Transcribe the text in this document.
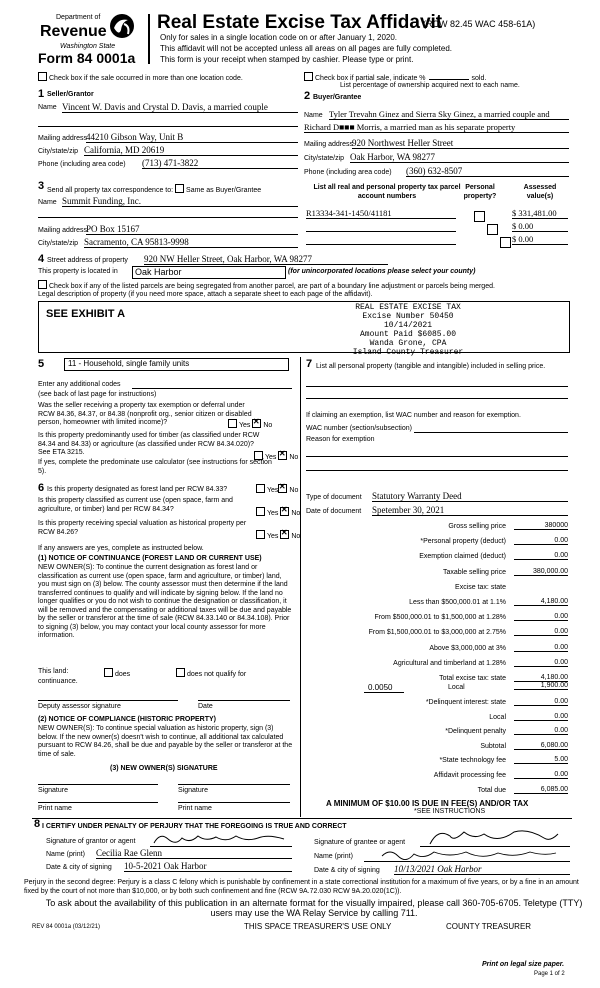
Department of
Revenue
Washington State
Form 84 0001a
Real Estate Excise Tax Affidavit
(RCW 82.45 WAC 458-61A)
Only for sales in a single location code on or after January 1, 2020.
This affidavit will not be accepted unless all areas on all pages are fully completed.
This form is your receipt when stamped by cashier. Please type or print.
Check box if the sale occurred in more than one location code.	Check box if partial sale, indicate %	sold.
List percentage of ownership acquired next to each name.
1 Seller/Grantor
Name Vincent W. Davis and Crystal D. Davis, a married couple
Mailing address
44210 Gibson Way, Unit B
City/state/zip California, MD 20619
Phone (including area code) (713) 471-3822
2 Buyer/Grantee
Name Tyler Trevahn Ginez and Sierra Sky Ginez, a married couple and
Richard D■■■ Morris, a married man as his separate property
Mailing address
920 Northwest Heller Street
City/state/zip Oak Harbor, WA 98277
Phone (including area code) (360) 632-8507
3 Send all property tax correspondence to: Same as Buyer/Grantee
Name Summit Funding, Inc.
Mailing address
PO Box 15167
City/state/zip Sacramento, CA 95813-9998
List all real and personal property tax parcel account numbers
Personal property?
Assessed value(s)
R13334-341-1450/41181	$ 331,481.00
$ 0.00
$ 0.00
4 Street address of property 920 NW Heller Street, Oak Harbor, WA 98277
This property is located in	Oak Harbor	(for unincorporated locations please select your county)
Check box if any of the listed parcels are being segregated from another parcel, are part of a boundary line adjustment or parcels being merged.
Legal description of property (if you need more space, attach a separate sheet to each page of the affidavit).
SEE EXHIBIT A
REAL ESTATE EXCISE TAX
Excise Number 50450
10/14/2021
Amount Paid $6085.00
Wanda Grone, CPA
Island County Treasurer
5	11 - Household, single family units
Enter any additional codes
(see back of last page for instructions)
Was the seller receiving a property tax exemption or deferral under RCW 84.36, 84.37, or 84.38 (nonprofit org., senior citizen or disabled person, homeowner with limited income)?	Yes ✕ No
Is this property predominantly used for timber (as classified under RCW 84.34 and 84.33) or agriculture (as classified under RCW 84.34.020)? See ETA 3215.
Yes ✕ No
If yes, complete the predominate use calculator (see instructions for section 5).
6 Is this property designated as forest land per RCW 84.33?	Yes ✕ No
Is this property classified as current use (open space, farm and agriculture, or timber) land per RCW 84.34?
Yes ✕ No
Is this property receiving special valuation as historical property per RCW 84.26?
Yes ✕ No
If any answers are yes, complete as instructed below.
(1) NOTICE OF CONTINUANCE (FOREST LAND OR CURRENT USE)
NEW OWNER(S): To continue the current designation as forest land or classification as current use (open space, farm and agriculture, or timber) land, you must sign on (3) below. The county assessor must then determine if the land transferred continues to qualify and will indicate by signing below. If the land no longer qualifies or you do not wish to continue the designation or classification, it will be removed and the compensating or additional taxes will be due and payable by the seller or transferor at the time of sale (RCW 84.33.140 or 84.34.108). Prior to signing (3) below, you may contact your local county assessor for more information.
This land:	does	does not qualify for
continuance.
Deputy assessor signature	Date
(2) NOTICE OF COMPLIANCE (HISTORIC PROPERTY)
NEW OWNER(S): To continue special valuation as historic property, sign (3) below. If the new owner(s) doesn't wish to continue, all additional tax calculated pursuant to RCW 84.26, shall be due and payable by the seller or transferor at the time of sale.
(3) NEW OWNER(S) SIGNATURE
Signature	Signature
Print name	Print name
7 List all personal property (tangible and intangible) included in selling price.
If claiming an exemption, list WAC number and reason for exemption.
WAC number (section/subsection)
Reason for exemption
Type of document Statutory Warranty Deed
Date of document Spetember 30, 2021
Gross selling price	380000
*Personal property (deduct)	0.00
Exemption claimed (deduct)	0.00
Taxable selling price	380,000.00
Excise tax: state
Less than $500,000.01 at 1.1%	4,180.00
From $500,000.01 to $1,500,000 at 1.28%	0.00
From $1,500,000.01 to $3,000,000 at 2.75%	0.00
Above $3,000,000 at 3%	0.00
Agricultural and timberland at 1.28%	0.00
Total excise tax: state	4,180.00
0.0050	Local	1,900.00
*Delinquent interest: state	0.00
Local	0.00
*Delinquent penalty	0.00
Subtotal	6,080.00
*State technology fee	5.00
Affidavit processing fee	0.00
Total due	6,085.00
A MINIMUM OF $10.00 IS DUE IN FEE(S) AND/OR TAX
*SEE INSTRUCTIONS
8 I CERTIFY UNDER PENALTY OF PERJURY THAT THE FOREGOING IS TRUE AND CORRECT
Signature of grantor or agent
Name (print) Cecilia Rae Glenn
Date & city of signing 10-5-2021 Oak Harbor
Signature of grantee or agent
Name (print)
Date & city of signing 10/13/2021 Oak Harbor
Perjury in the second degree: Perjury is a class C felony which is punishable by confinement in a state correctional institution for a maximum of five years, or by a fine in an amount fixed by the court of not more than $10,000, or by both such confinement and fine (RCW 9A.72.030 RCW 9A.20.020(1C)).
To ask about the availability of this publication in an alternate format for the visually impaired, please call 360-705-6705. Teletype (TTY) users may use the WA Relay Service by calling 711.
REV 84 0001a (03/12/21)	THIS SPACE TREASURER'S USE ONLY	COUNTY TREASURER
Print on legal size paper.
Page 1 of 2
